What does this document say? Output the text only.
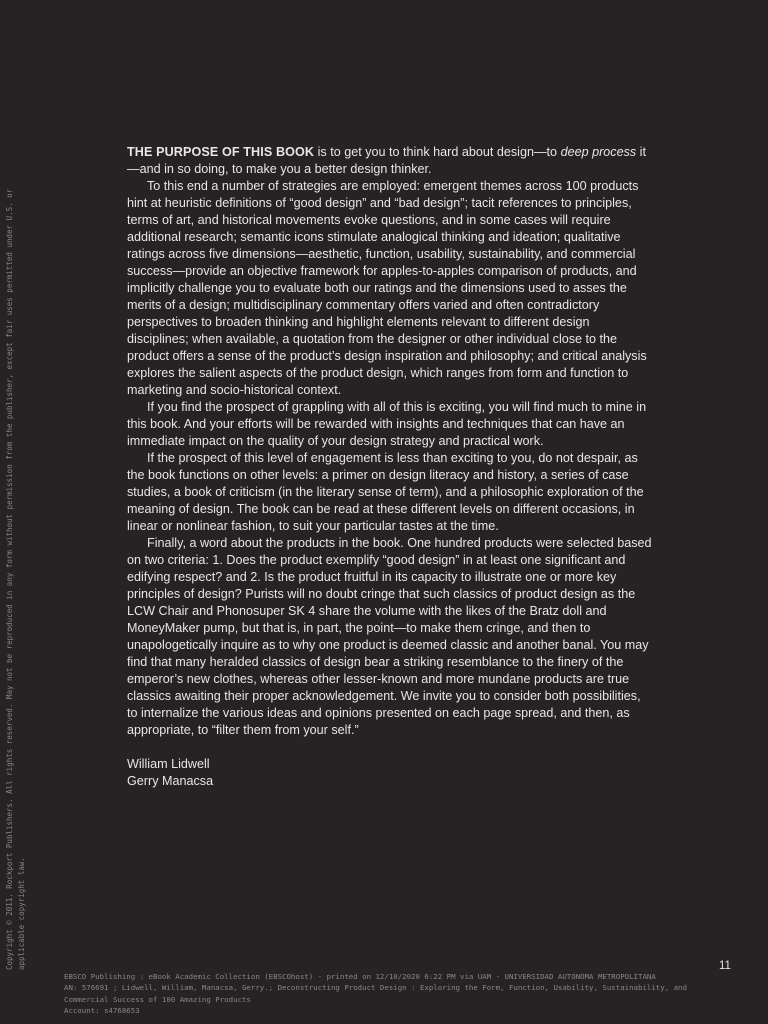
Copyright © 2011. Rockport Publishers. All rights reserved. May not be reproduced in any form without permission from the publisher, except fair uses permitted under U.S. or applicable copyright law.

THE PURPOSE OF THIS BOOK is to get you to think hard about design—to deep process it—and in so doing, to make you a better design thinker.

To this end a number of strategies are employed: emergent themes across 100 products hint at heuristic definitions of “good design” and “bad design”; tacit references to principles, terms of art, and historical movements evoke questions, and in some cases will require additional research; semantic icons stimulate analogical thinking and ideation; qualitative ratings across five dimensions—aesthetic, function, usability, sustainability, and commercial success—provide an objective framework for apples-to-apples comparison of products, and implicitly challenge you to evaluate both our ratings and the dimensions used to asses the merits of a design; multidisciplinary commentary offers varied and often contradictory perspectives to broaden thinking and highlight elements relevant to different design disciplines; when available, a quotation from the designer or other individual close to the product offers a sense of the product’s design inspiration and philosophy; and critical analysis explores the salient aspects of the product design, which ranges from form and function to marketing and socio-historical context.

If you find the prospect of grappling with all of this is exciting, you will find much to mine in this book. And your efforts will be rewarded with insights and techniques that can have an immediate impact on the quality of your design strategy and practical work.

If the prospect of this level of engagement is less than exciting to you, do not despair, as the book functions on other levels: a primer on design literacy and history, a series of case studies, a book of criticism (in the literary sense of term), and a philosophic exploration of the meaning of design. The book can be read at these different levels on different occasions, in linear or nonlinear fashion, to suit your particular tastes at the time.

Finally, a word about the products in the book. One hundred products were selected based on two criteria: 1. Does the product exemplify “good design” in at least one significant and edifying respect? and 2. Is the product fruitful in its capacity to illustrate one or more key principles of design? Purists will no doubt cringe that such classics of product design as the LCW Chair and Phonosuper SK 4 share the volume with the likes of the Bratz doll and MoneyMaker pump, but that is, in part, the point—to make them cringe, and then to unapologetically inquire as to why one product is deemed classic and another banal. You may find that many heralded classics of design bear a striking resemblance to the finery of the emperor’s new clothes, whereas other lesser-known and more mundane products are true classics awaiting their proper acknowledgement. We invite you to consider both possibilities, to internalize the various ideas and opinions presented on each page spread, and then, as appropriate, to “filter them from your self.”

William Lidwell
Gerry Manacsa
11
EBSCO Publishing : eBook Academic Collection (EBSCOhost) - printed on 12/10/2020 6:22 PM via UAM - UNIVERSIDAD AUTONOMA METROPOLITANA
AN: 576691 ; Lidwell, William, Manacsa, Gerry.; Deconstructing Product Design : Exploring the Form, Function, Usability, Sustainability, and
Commercial Success of 100 Amazing Products
Account: s4768653
